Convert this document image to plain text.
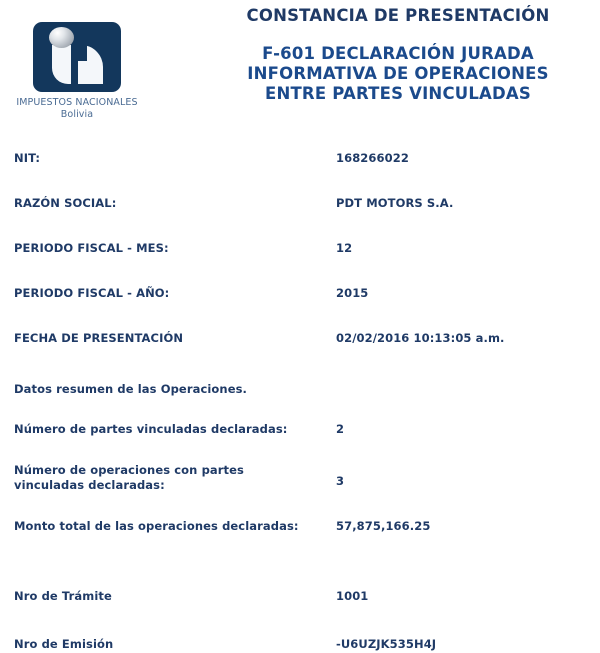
IMPUESTOS NACIONALES
Bolivia
CONSTANCIA DE PRESENTACIÓN
F-601 DECLARACIÓN JURADA
INFORMATIVA DE OPERACIONES
ENTRE PARTES VINCULADAS
NIT:	168266022
RAZÓN SOCIAL:	PDT MOTORS S.A.
PERIODO FISCAL - MES:	12
PERIODO FISCAL - AÑO:	2015
FECHA DE PRESENTACIÓN	02/02/2016 10:13:05 a.m.
Datos resumen de las Operaciones.
Número de partes vinculadas declaradas:	2
Número de operaciones con partes
vinculadas declaradas:	3
Monto total de las operaciones declaradas:	57,875,166.25
Nro de Trámite	1001
Nro de Emisión	-U6UZJK535H4J
